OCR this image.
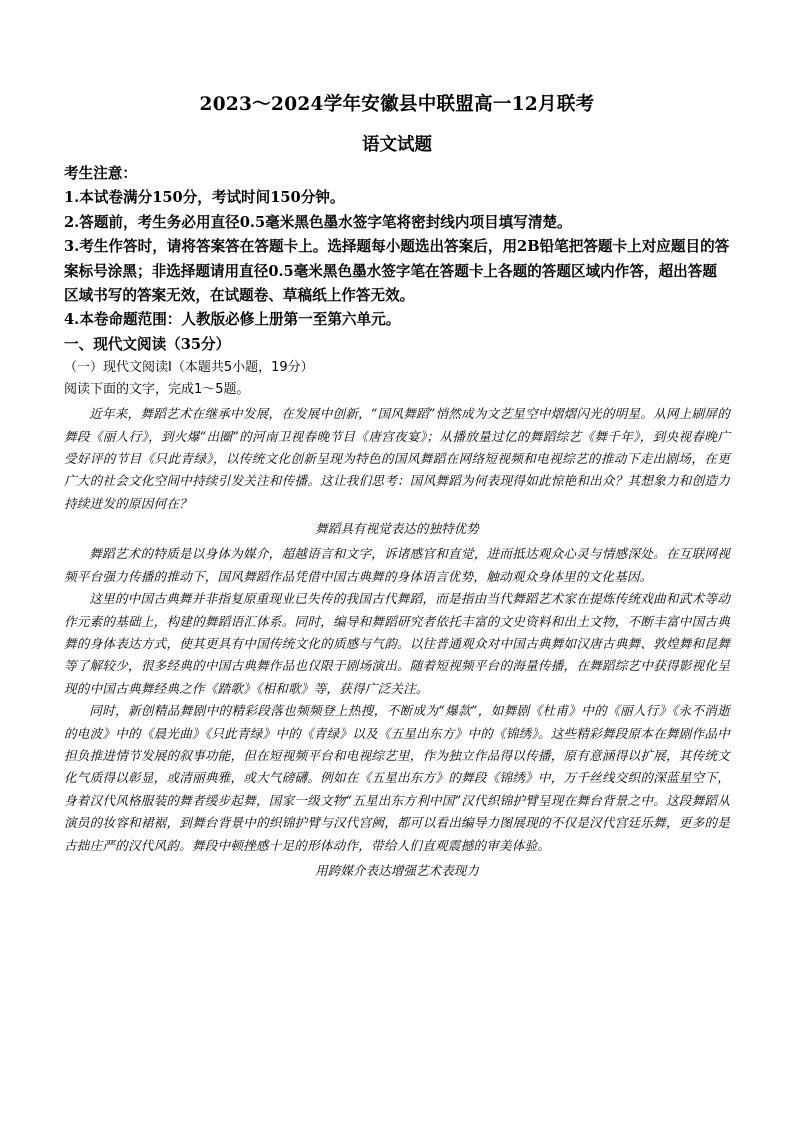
2023～2024学年安徽县中联盟高一12月联考
语文试题

考生注意：

1.本试卷满分150分，考试时间150分钟。

2.答题前，考生务必用直径0.5毫米黑色墨水签字笔将密封线内项目填写清楚。

3.考生作答时，请将答案答在答题卡上。选择题每小题选出答案后，用2B铅笔把答题卡上对应题目的答案标号涂黑；非选择题请用直径0.5毫米黑色墨水签字笔在答题卡上各题的答题区域内作答，超出答题区域书写的答案无效，在试题卷、草稿纸上作答无效。

4.本卷命题范围：人教版必修上册第一至第六单元。

一、现代文阅读（35分）

（一）现代文阅读Ⅰ（本题共5小题，19分）

阅读下面的文字，完成1～5题。

近年来，舞蹈艺术在继承中发展，在发展中创新，“国风舞蹈”悄然成为文艺星空中熠熠闪光的明星。从网上刷屏的舞段《丽人行》，到火爆“出圈”的河南卫视春晚节目《唐宫夜宴》；从播放量过亿的舞蹈综艺《舞千年》，到央视春晚广受好评的节目《只此青绿》，以传统文化创新呈现为特色的国风舞蹈在网络短视频和电视综艺的推动下走出剧场，在更广大的社会文化空间中持续引发关注和传播。这让我们思考：国风舞蹈为何表现得如此惊艳和出众？其想象力和创造力持续迸发的原因何在？

舞蹈具有视觉表达的独特优势

舞蹈艺术的特质是以身体为媒介，超越语言和文字，诉诸感官和直觉，进而抵达观众心灵与情感深处。在互联网视频平台强力传播的推动下，国风舞蹈作品凭借中国古典舞的身体语言优势，触动观众身体里的文化基因。

这里的中国古典舞并非指复原重现业已失传的我国古代舞蹈，而是指由当代舞蹈艺术家在提炼传统戏曲和武术等动作元素的基础上，构建的舞蹈语汇体系。同时，编导和舞蹈研究者依托丰富的文史资料和出土文物，不断丰富中国古典舞的身体表达方式，使其更具有中国传统文化的质感与气韵。以往普通观众对中国古典舞如汉唐古典舞、敦煌舞和昆舞等了解较少，很多经典的中国古典舞作品也仅限于剧场演出。随着短视频平台的海量传播，在舞蹈综艺中获得影视化呈现的中国古典舞经典之作《踏歌》《相和歌》等，获得广泛关注。

同时，新创精品舞剧中的精彩段落也频频登上热搜，不断成为“爆款”，如舞剧《杜甫》中的《丽人行》《永不消逝的电波》中的《晨光曲》《只此青绿》中的《青绿》以及《五星出东方》中的《锦绣》。这些精彩舞段原本在舞剧作品中担负推进情节发展的叙事功能，但在短视频平台和电视综艺里，作为独立作品得以传播，原有意涵得以扩展，其传统文化气质得以彰显，或清丽典雅，或大气磅礴。例如在《五星出东方》的舞段《锦绣》中，万千丝线交织的深蓝星空下，身着汉代风格服装的舞者缓步起舞，国家一级文物“五星出东方利中国”汉代织锦护臂呈现在舞台背景之中。这段舞蹈从演员的妆容和裙裾，到舞台背景中的织锦护臂与汉代宫阙，都可以看出编导力图展现的不仅是汉代宫廷乐舞，更多的是古拙庄严的汉代风韵。舞段中顿挫感十足的形体动作，带给人们直观震撼的审美体验。

用跨媒介表达增强艺术表现力
